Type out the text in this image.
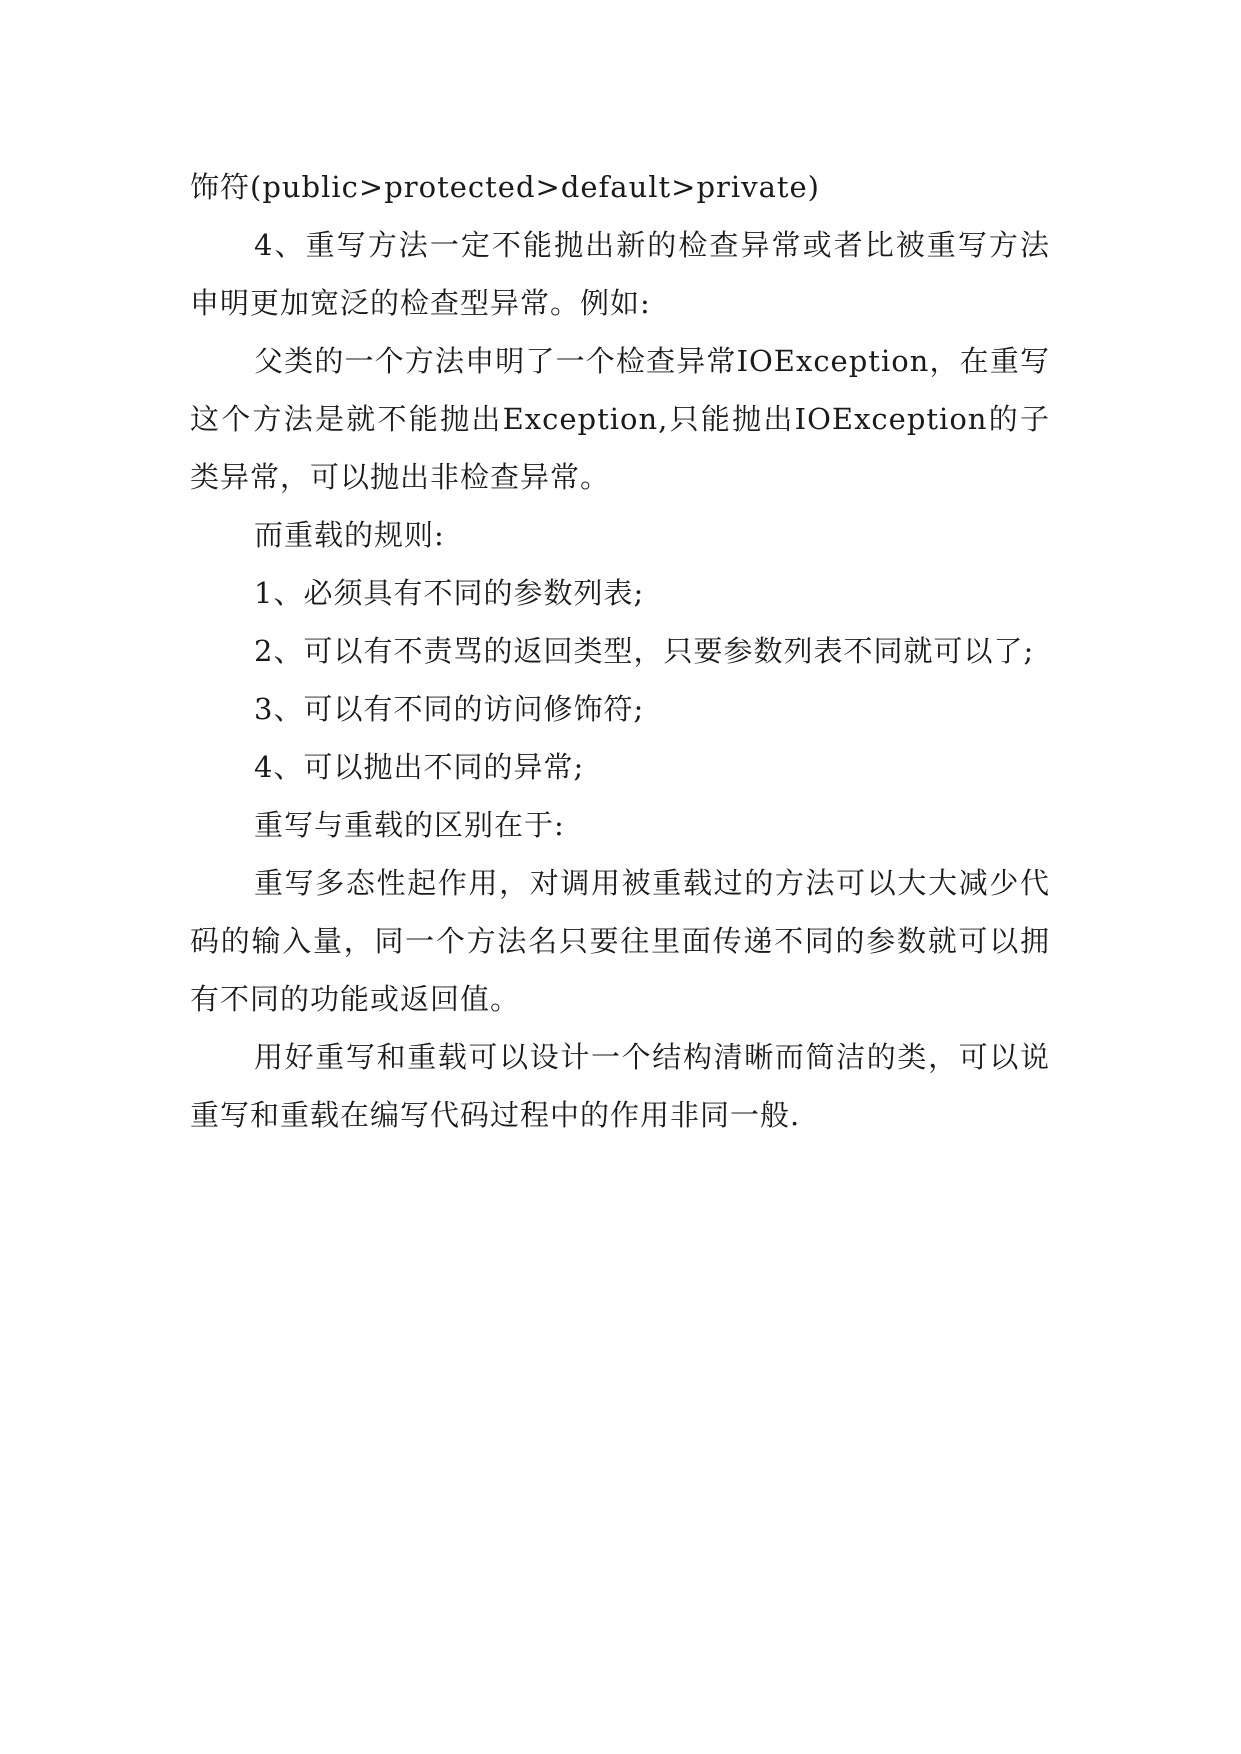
饰符(public>protected>default>private)

4、重写方法一定不能抛出新的检查异常或者比被重写方法申明更加宽泛的检查型异常。例如:

父类的一个方法申明了一个检查异常IOException，在重写这个方法是就不能抛出Exception,只能抛出IOException的子类异常，可以抛出非检查异常。

而重载的规则:

1、必须具有不同的参数列表;

2、可以有不责骂的返回类型，只要参数列表不同就可以了;

3、可以有不同的访问修饰符;

4、可以抛出不同的异常;

重写与重载的区别在于:

重写多态性起作用，对调用被重载过的方法可以大大减少代码的输入量，同一个方法名只要往里面传递不同的参数就可以拥有不同的功能或返回值。

用好重写和重载可以设计一个结构清晰而简洁的类，可以说重写和重载在编写代码过程中的作用非同一般.
